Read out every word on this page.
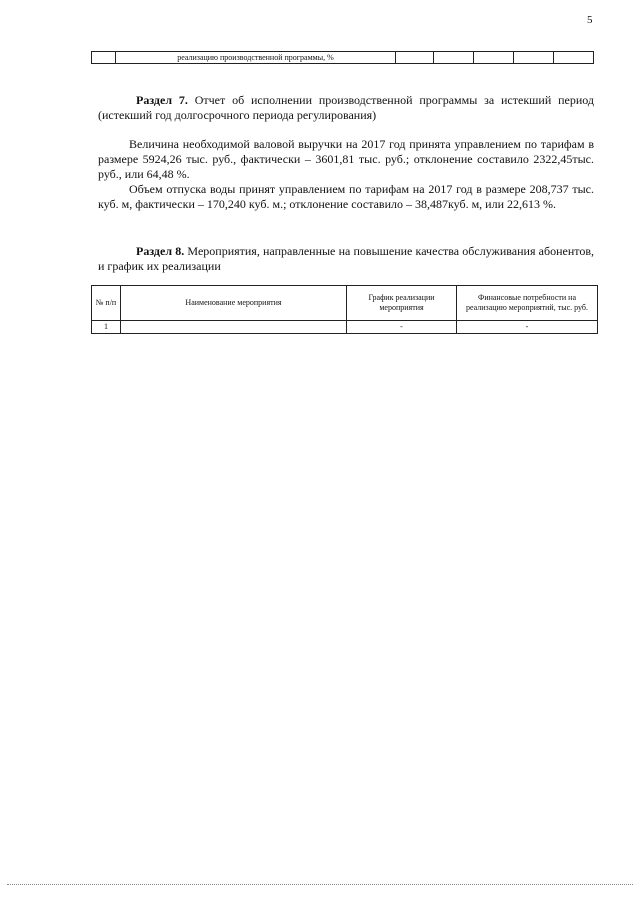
5
	реализацию производственной программы, %					
Раздел 7. Отчет об исполнении производственной программы за истекший период (истекший год долгосрочного периода регулирования)

Величина необходимой валовой выручки на 2017 год принята управлением по тарифам в размере 5924,26 тыс. руб., фактически – 3601,81 тыс. руб.; отклонение составило 2322,45тыс. руб., или 64,48 %.

Объем отпуска воды принят управлением по тарифам на 2017 год в размере 208,737 тыс. куб. м, фактически – 170,240 куб. м.; отклонение составило – 38,487куб. м, или 22,613 %.

Раздел 8. Мероприятия, направленные на повышение качества обслуживания абонентов, и график их реализации
№ п/п	Наименование мероприятия	График реализации мероприятия	Финансовые потребности на реализацию мероприятий, тыс. руб.
1		-	-
